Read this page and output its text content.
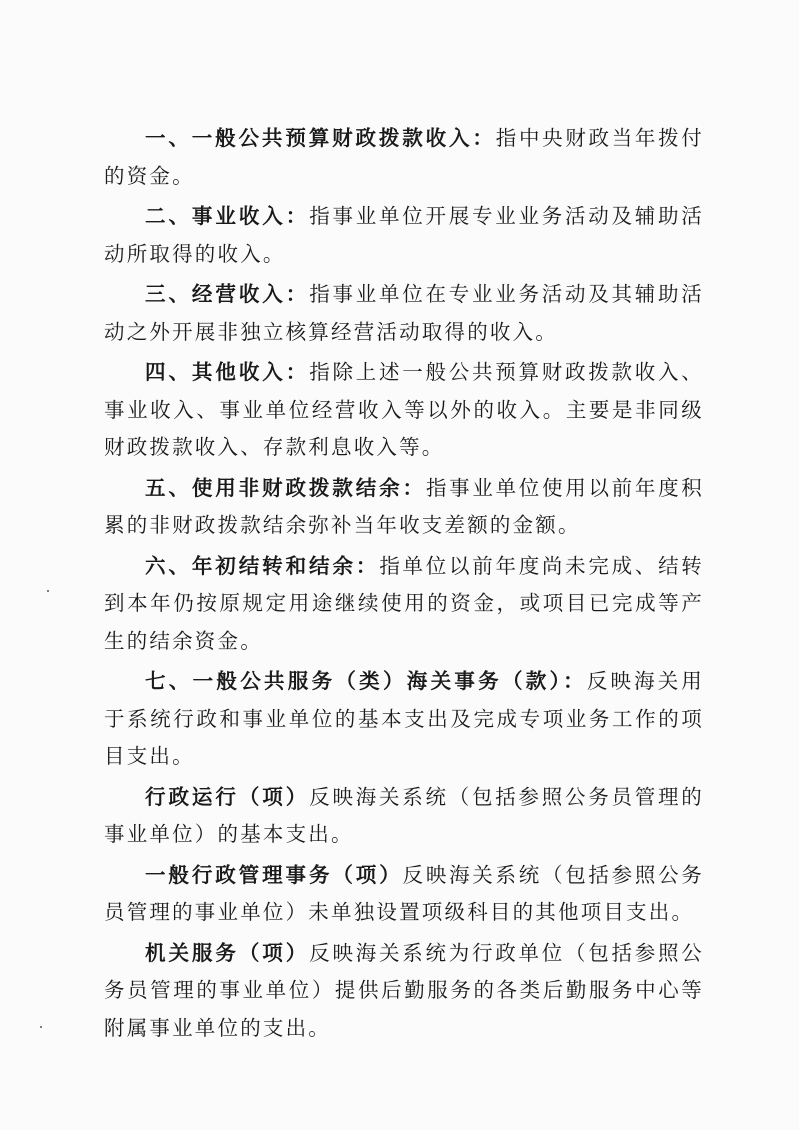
一、一般公共预算财政拨款收入：指中央财政当年拨付的资金。

二、事业收入：指事业单位开展专业业务活动及辅助活动所取得的收入。

三、经营收入：指事业单位在专业业务活动及其辅助活动之外开展非独立核算经营活动取得的收入。

四、其他收入：指除上述一般公共预算财政拨款收入、事业收入、事业单位经营收入等以外的收入。主要是非同级财政拨款收入、存款利息收入等。

五、使用非财政拨款结余：指事业单位使用以前年度积累的非财政拨款结余弥补当年收支差额的金额。

六、年初结转和结余：指单位以前年度尚未完成、结转到本年仍按原规定用途继续使用的资金，或项目已完成等产生的结余资金。

七、一般公共服务（类）海关事务（款）：反映海关用于系统行政和事业单位的基本支出及完成专项业务工作的项目支出。

行政运行（项）反映海关系统（包括参照公务员管理的事业单位）的基本支出。

一般行政管理事务（项）反映海关系统（包括参照公务员管理的事业单位）未单独设置项级科目的其他项目支出。

机关服务（项）反映海关系统为行政单位（包括参照公务员管理的事业单位）提供后勤服务的各类后勤服务中心等附属事业单位的支出。
